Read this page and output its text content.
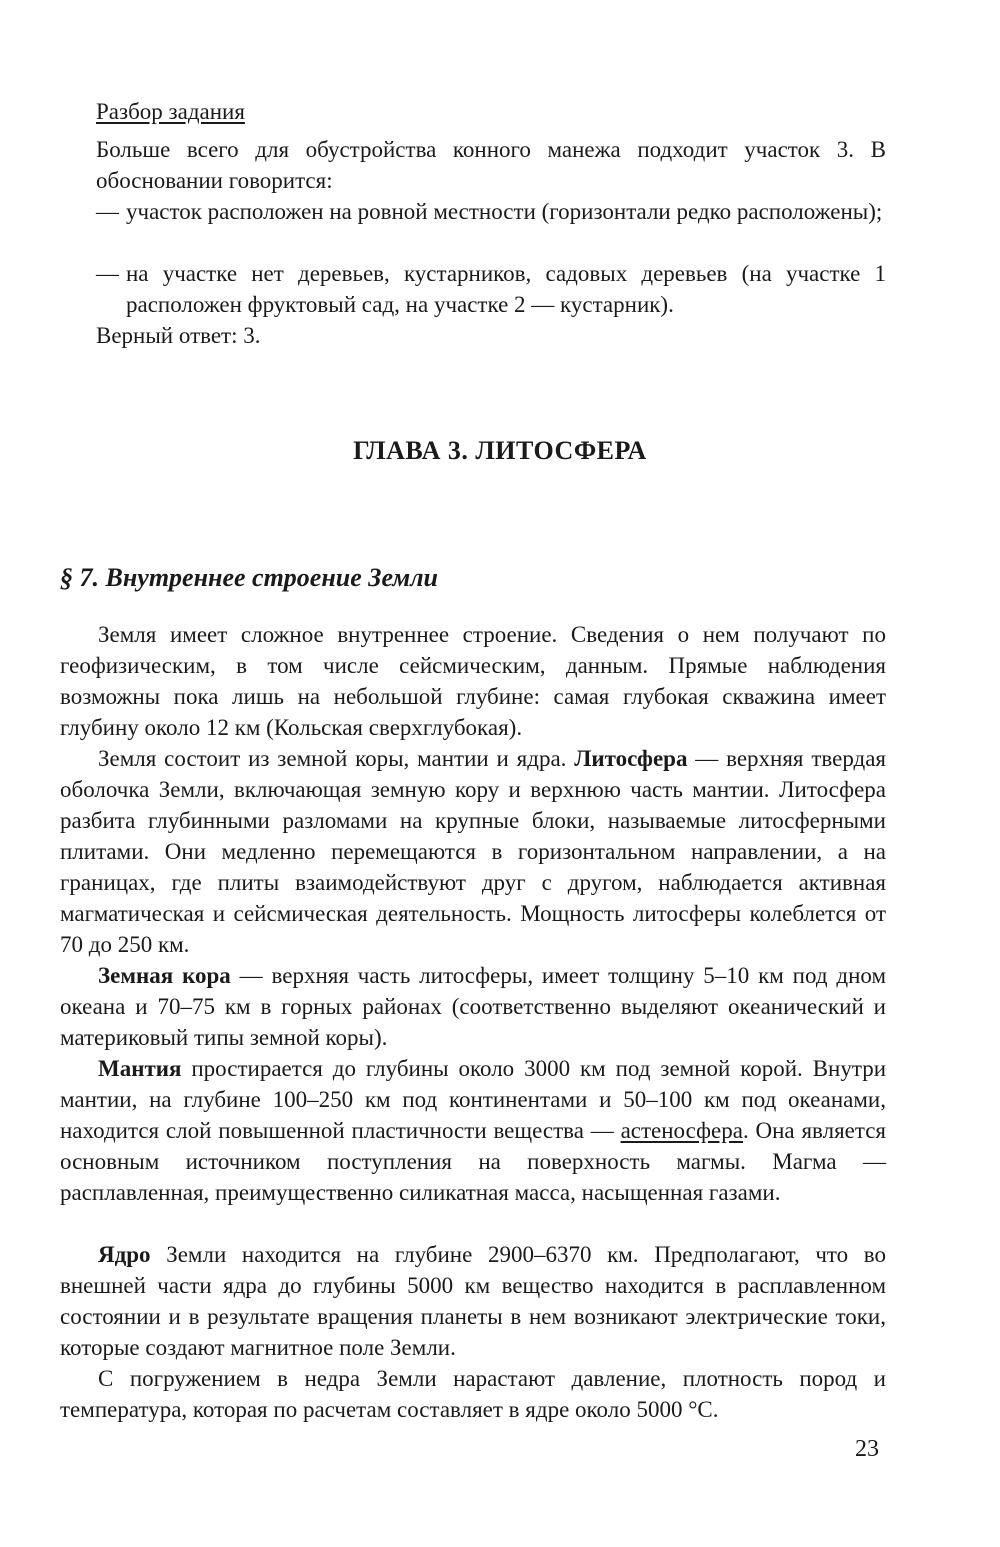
Разбор задания

Больше всего для обустройства конного манежа подходит участок 3. В обосновании говорится:

— участок расположен на ровной местности (горизонтали редко расположены);
— на участке нет деревьев, кустарников, садовых деревьев (на участке 1 расположен фруктовый сад, на участке 2 — кустарник).

Верный ответ: 3.

ГЛАВА 3. ЛИТОСФЕРА
§ 7. Внутреннее строение Земли

Земля имеет сложное внутреннее строение. Сведения о нем получают по геофизическим, в том числе сейсмическим, данным. Прямые наблюдения возможны пока лишь на небольшой глубине: самая глубокая скважина имеет глубину около 12 км (Кольская сверхглубокая).

Земля состоит из земной коры, мантии и ядра. Литосфера — верхняя твердая оболочка Земли, включающая земную кору и верхнюю часть мантии. Литосфера разбита глубинными разломами на крупные блоки, называемые литосферными плитами. Они медленно перемещаются в горизонтальном направлении, а на границах, где плиты взаимодействуют друг с другом, наблюдается активная магматическая и сейсмическая деятельность. Мощность литосферы колеблется от 70 до 250 км.

Земная кора — верхняя часть литосферы, имеет толщину 5–10 км под дном океана и 70–75 км в горных районах (соответственно выделяют океанический и материковый типы земной коры).

Мантия простирается до глубины около 3000 км под земной корой. Внутри мантии, на глубине 100–250 км под континентами и 50–100 км под океанами, находится слой повышенной пластичности вещества — астеносфера. Она является основным источником поступления на поверхность магмы. Магма — расплавленная, преимущественно силикатная масса, насыщенная газами.

Ядро Земли находится на глубине 2900–6370 км. Предполагают, что во внешней части ядра до глубины 5000 км вещество находится в расплавленном состоянии и в результате вращения планеты в нем возникают электрические токи, которые создают магнитное поле Земли.

С погружением в недра Земли нарастают давление, плотность пород и температура, которая по расчетам составляет в ядре около 5000 °C.

23
